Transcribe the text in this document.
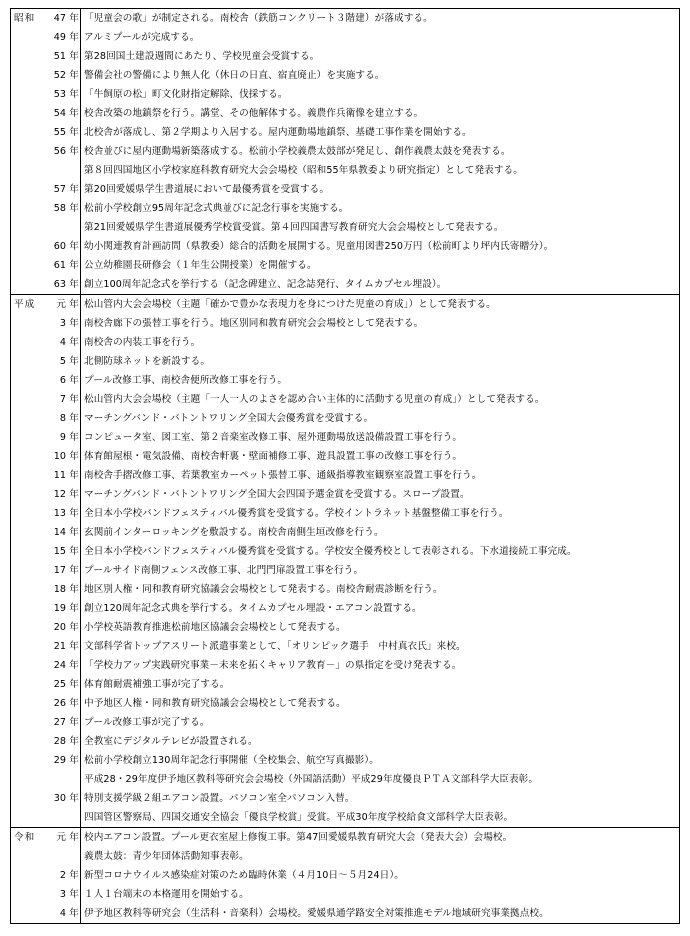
昭和	47 年 「児童会の歌」が制定される。南校舎（鉄筋コンクリート３階建）が落成する。
49 年 アルミプールが完成する。
51 年 第28回国土建設週間にあたり、学校児童会受賞する。
52 年 警備会社の警備により無人化（休日の日直、宿直廃止）を実施する。
53 年 「牛飼原の松」町文化財指定解除、伐採する。
54 年 校舎改築の地鎮祭を行う。講堂、その他解体する。義農作兵衛像を建立する。
55 年 北校舎が落成し、第２学期より入居する。屋内運動場地鎮祭、基礎工事作業を開始する。
56 年 校舎並びに屋内運動場新築落成する。松前小学校義農太鼓部が発足し、創作義農太鼓を発表する。
第８回四国地区小学校家庭科教育研究大会会場校（昭和55年県教委より研究指定）として発表する。
57 年 第20回愛媛県学生書道展において最優秀賞を受賞する。
58 年 松前小学校創立95周年記念式典並びに記念行事を実施する。
第21回愛媛県学生書道展優秀学校賞受賞。第４回四国書写教育研究大会会場校として発表する。
60 年 幼小関連教育計画訪問（県教委）総合的活動を展開する。児童用図書250万円（松前町より坪内氏寄贈分）。
61 年 公立幼稚園長研修会（１年生公開授業）を開催する。
63 年 創立100周年記念式を挙行する（記念碑建立、記念誌発行、タイムカプセル埋設）。
平成	元 年 松山管内大会会場校（主題「確かで豊かな表現力を身につけた児童の育成」）として発表する。
3 年 南校舎廊下の張替工事を行う。地区別同和教育研究会会場校として発表する。
4 年 南校舎の内装工事を行う。
5 年 北側防球ネットを新設する。
6 年 プール改修工事、南校舎便所改修工事を行う。
7 年 松山管内大会会場校（主題「一人一人のよさを認め合い主体的に活動する児童の育成」）として発表する。
8 年 マーチングバンド・バトントワリング全国大会優秀賞を受賞する。
9 年 コンピュータ室、図工室、第２音楽室改修工事、屋外運動場放送設備設置工事を行う。
10 年 体育館屋根・電気設備、南校舎軒裏・壁面補修工事、遊具設置工事の改修工事を行う。
11 年 南校舎手摺改修工事、若葉教室カーペット張替工事、通級指導教室観察室設置工事を行う。
12 年 マーチングバンド・バトントワリング全国大会四国予選金賞を受賞する。スロープ設置。
13 年 全日本小学校バンドフェスティバル優秀賞を受賞する。学校イントラネット基盤整備工事を行う。
14 年 玄関前インターロッキングを敷設する。南校舎南側生垣改修を行う。
15 年 全日本小学校バンドフェスティバル優秀賞を受賞する。学校安全優秀校として表彰される。下水道接続工事完成。
17 年 プールサイド南側フェンス改修工事、北門門扉設置工事を行う。
18 年 地区別人権・同和教育研究協議会会場校として発表する。南校舎耐震診断を行う。
19 年 創立120周年記念式典を挙行する。タイムカプセル埋設・エアコン設置する。
20 年 小学校英語教育推進松前地区協議会会場校として発表する。
21 年 文部科学省トップアスリート派遣事業として、「オリンピック選手　中村真衣氏」来校。
24 年 「学校力アップ実践研究事業－未来を拓くキャリア教育－」の県指定を受け発表する。
25 年 体育館耐震補強工事が完了する。
26 年 中予地区人権・同和教育研究協議会会場校として発表する。
27 年 プール改修工事が完了する。
28 年 全教室にデジタルテレビが設置される。
29 年 松前小学校創立130周年記念行事開催（全校集会、航空写真撮影）。
平成28・29年度伊予地区教科等研究会会場校（外国語活動）平成29年度優良ＰＴＡ文部科学大臣表彰。
30 年 特別支援学級２組エアコン設置。パソコン室全パソコン入替。
四国管区警察局、四国交通安全協会「優良学校賞」受賞。平成30年度学校給食文部科学大臣表彰。
令和	元 年 校内エアコン設置。プール更衣室屋上修復工事。第47回愛媛県教育研究大会（発表大会）会場校。
義農太鼓：青少年団体活動知事表彰。
2 年 新型コロナウイルス感染症対策のため臨時休業（４月10日～５月24日）。
3 年 １人１台端末の本格運用を開始する。
4 年 伊予地区教科等研究会（生活科・音楽科）会場校。愛媛県通学路安全対策推進モデル地域研究事業拠点校。
